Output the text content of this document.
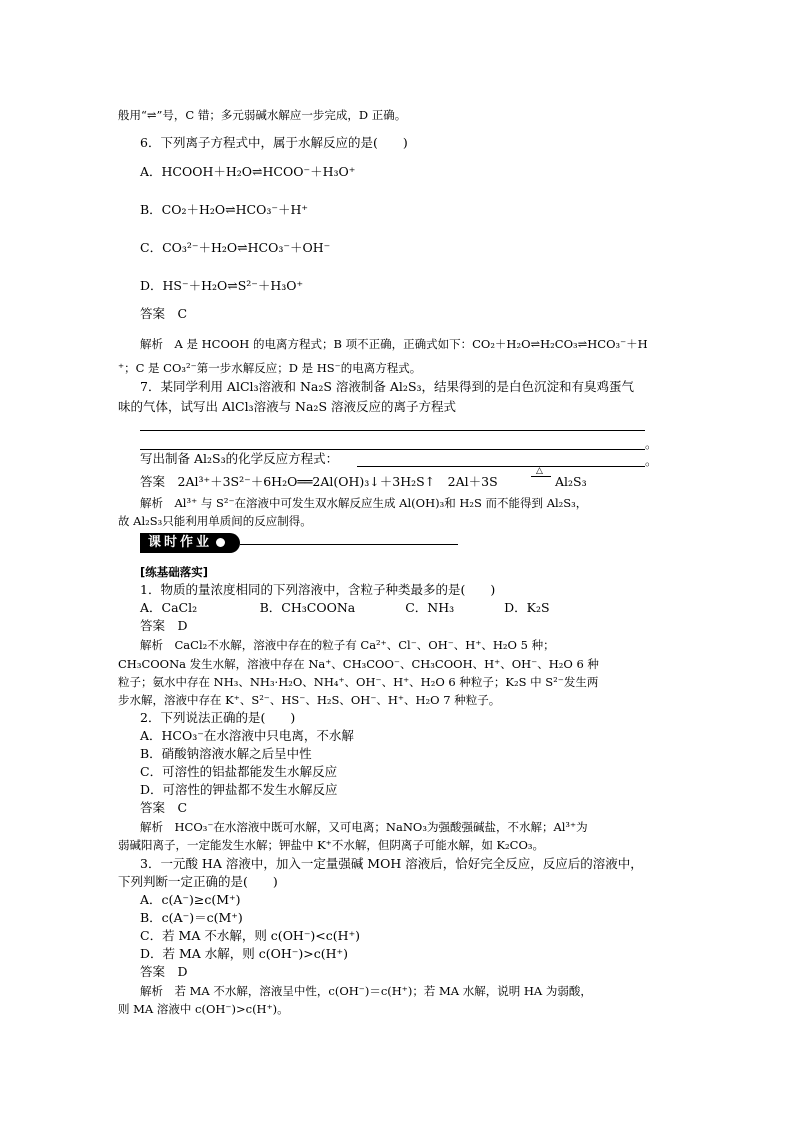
般用“⇌”号，C 错；多元弱碱水解应一步完成，D 正确。
6．下列离子方程式中，属于水解反应的是(　　)
A．HCOOH＋H₂O⇌HCOO⁻＋H₃O⁺
B．CO₂＋H₂O⇌HCO₃⁻＋H⁺
C．CO₃²⁻＋H₂O⇌HCO₃⁻＋OH⁻
D．HS⁻＋H₂O⇌S²⁻＋H₃O⁺
答案　C
解析　A 是 HCOOH 的电离方程式；B 项不正确，正确式如下：CO₂＋H₂O⇌H₂CO₃⇌HCO₃⁻＋H
⁺；C 是 CO₃²⁻第一步水解反应；D 是 HS⁻的电离方程式。
7．某同学利用 AlCl₃溶液和 Na₂S 溶液制备 Al₂S₃，结果得到的是白色沉淀和有臭鸡蛋气
味的气体，试写出 AlCl₃溶液与 Na₂S 溶液反应的离子方程式
。
写出制备 Al₂S₃的化学反应方程式：	。
答案　2Al³⁺＋3S²⁻＋6H₂O══2Al(OH)₃↓＋3H₂S↑　2Al＋3S
△
Al₂S₃
解析　Al³⁺ 与 S²⁻在溶液中可发生双水解反应生成 Al(OH)₃和 H₂S 而不能得到 Al₂S₃，
故 Al₂S₃只能利用单质间的反应制得。
课时作业
[练基础落实]
1．物质的量浓度相同的下列溶液中，含粒子种类最多的是(　　)
A．CaCl₂　　　　　B．CH₃COONa　　　　C．NH₃　　　　D．K₂S
答案　D
解析　CaCl₂不水解，溶液中存在的粒子有 Ca²⁺、Cl⁻、OH⁻、H⁺、H₂O 5 种；
CH₃COONa 发生水解，溶液中存在 Na⁺、CH₃COO⁻、CH₃COOH、H⁺、OH⁻、H₂O 6 种
粒子；氨水中存在 NH₃、NH₃·H₂O、NH₄⁺、OH⁻、H⁺、H₂O 6 种粒子；K₂S 中 S²⁻发生两
步水解，溶液中存在 K⁺、S²⁻、HS⁻、H₂S、OH⁻、H⁺、H₂O 7 种粒子。
2．下列说法正确的是(　　)
A．HCO₃⁻在水溶液中只电离，不水解
B．硝酸钠溶液水解之后呈中性
C．可溶性的铝盐都能发生水解反应
D．可溶性的钾盐都不发生水解反应
答案　C
解析　HCO₃⁻在水溶液中既可水解，又可电离；NaNO₃为强酸强碱盐，不水解；Al³⁺为
弱碱阳离子，一定能发生水解；钾盐中 K⁺不水解，但阴离子可能水解，如 K₂CO₃。
3．一元酸 HA 溶液中，加入一定量强碱 MOH 溶液后，恰好完全反应，反应后的溶液中，
下列判断一定正确的是(　　)
A．c(A⁻)≥c(M⁺)
B．c(A⁻)＝c(M⁺)
C．若 MA 不水解，则 c(OH⁻)<c(H⁺)
D．若 MA 水解，则 c(OH⁻)>c(H⁺)
答案　D
解析　若 MA 不水解，溶液呈中性，c(OH⁻)＝c(H⁺)；若 MA 水解，说明 HA 为弱酸，
则 MA 溶液中 c(OH⁻)>c(H⁺)。
